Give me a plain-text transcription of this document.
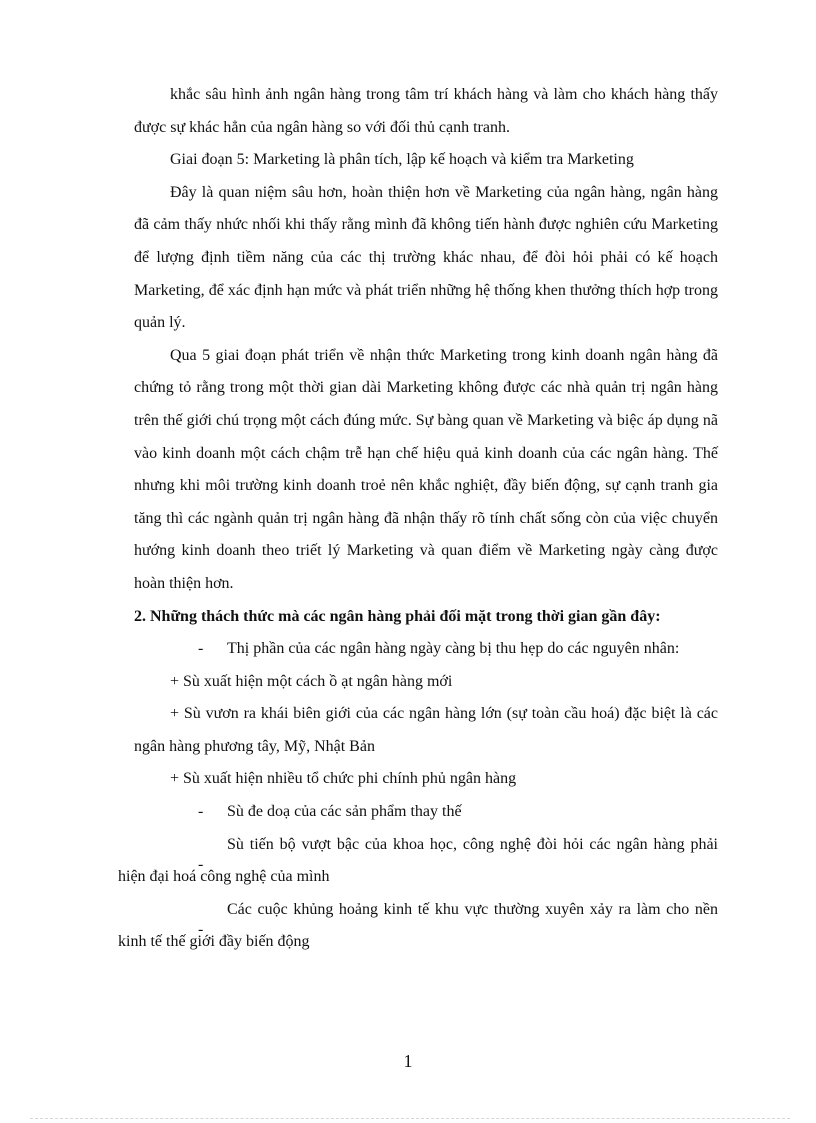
khắc sâu hình ảnh ngân hàng trong tâm trí khách hàng và làm cho khách hàng thấy được sự khác hẳn của ngân hàng so với đối thủ cạnh tranh.

Giai đoạn 5: Marketing là phân tích, lập kế hoạch và kiểm tra Marketing

Đây là quan niệm sâu hơn, hoàn thiện hơn về Marketing của ngân hàng, ngân hàng đã cảm thấy nhức nhối khi thấy rằng mình đã không tiến hành được nghiên cứu Marketing để lượng định tiềm năng của các thị trường khác nhau, để đòi hỏi phải có kế hoạch Marketing, để xác định hạn mức và phát triển những hệ thống khen thưởng thích hợp trong quản lý.

Qua 5 giai đoạn phát triển về nhận thức Marketing trong kinh doanh ngân hàng đã chứng tỏ rằng trong một thời gian dài Marketing không được các nhà quản trị ngân hàng trên thế giới chú trọng một cách đúng mức. Sự bàng quan về Marketing và biệc áp dụng nã vào kinh doanh một cách chậm trễ hạn chế hiệu quả kinh doanh của các ngân hàng. Thế nhưng khi môi trường kinh doanh troẻ nên khắc nghiệt, đầy biến động, sự cạnh tranh gia tăng thì các ngành quản trị ngân hàng đã nhận thấy rõ tính chất sống còn của việc chuyển hướng kinh doanh theo triết lý Marketing và quan điểm về Marketing ngày càng được hoàn thiện hơn.

2. Những thách thức mà các ngân hàng phải đối mặt trong thời gian gần đây:

- Thị phần của các ngân hàng ngày càng bị thu hẹp do các nguyên nhân:

+ Sù xuất hiện một cách ồ ạt ngân hàng mới

+ Sù vươn ra khái biên giới của các ngân hàng lớn (sự toàn cầu hoá) đặc biệt là các ngân hàng phương tây, Mỹ, Nhật Bản

+ Sù xuất hiện nhiều tổ chức phi chính phủ ngân hàng

- Sù đe doạ của các sản phẩm thay thế

-
Sù tiến bộ vượt bậc của khoa học, công nghệ đòi hỏi các ngân hàng phải hiện đại hoá công nghệ của mình

-
Các cuộc khủng hoảng kinh tế khu vực thường xuyên xảy ra làm cho nền kinh tế thế giới đầy biến động

1
